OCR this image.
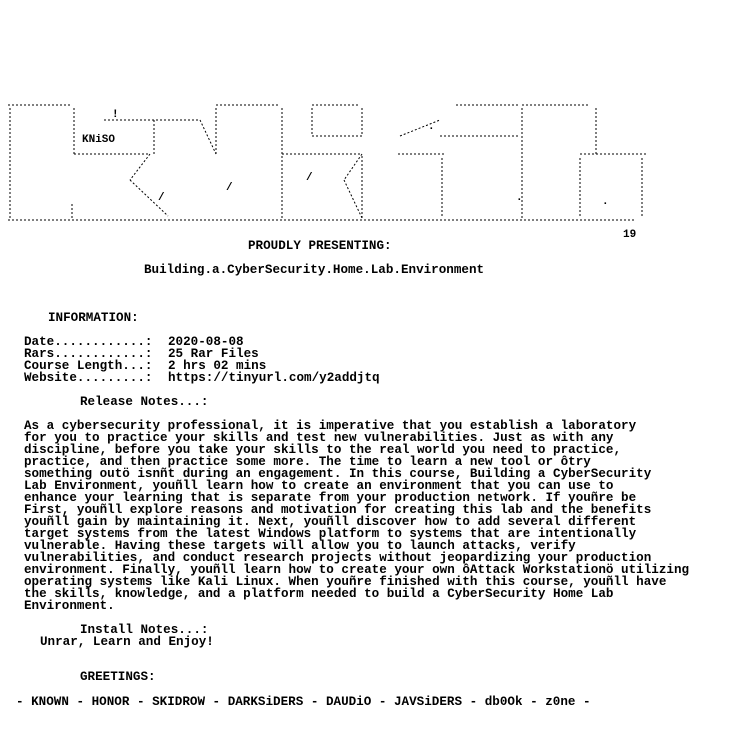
!
/
/
/
.
.
.
KNiSO
19
PROUDLY PRESENTING:
Building.a.CyberSecurity.Home.Lab.Environment
INFORMATION:
Date............: 2020-08-08
Rars............: 25 Rar Files
Course Length...: 2 hrs 02 mins
Website.........: https://tinyurl.com/y2addjtq
Release Notes...:
As a cybersecurity professional, it is imperative that you establish a laboratory
for you to practice your skills and test new vulnerabilities. Just as with any
discipline, before you take your skills to the real world you need to practice,
practice, and then practice some more. The time to learn a new tool or ôtry
something outö isnñt during an engagement. In this course, Building a CyberSecurity
Lab Environment, youñll learn how to create an environment that you can use to
enhance your learning that is separate from your production network. If youñre be
First, youñll explore reasons and motivation for creating this lab and the benefits
youñll gain by maintaining it. Next, youñll discover how to add several different
target systems from the latest Windows platform to systems that are intentionally
vulnerable. Having these targets will allow you to launch attacks, verify
vulnerabilities, and conduct research projects without jeopardizing your production
environment. Finally, youñll learn how to create your own ôAttack Workstationö utilizing
operating systems like Kali Linux. When youñre finished with this course, youñll have
the skills, knowledge, and a platform needed to build a CyberSecurity Home Lab
Environment.
Install Notes...:
Unrar, Learn and Enjoy!
GREETINGS:
- KNOWN - HONOR - SKIDROW - DARKSiDERS - DAUDiO - JAVSiDERS - db0Ok - z0ne -
